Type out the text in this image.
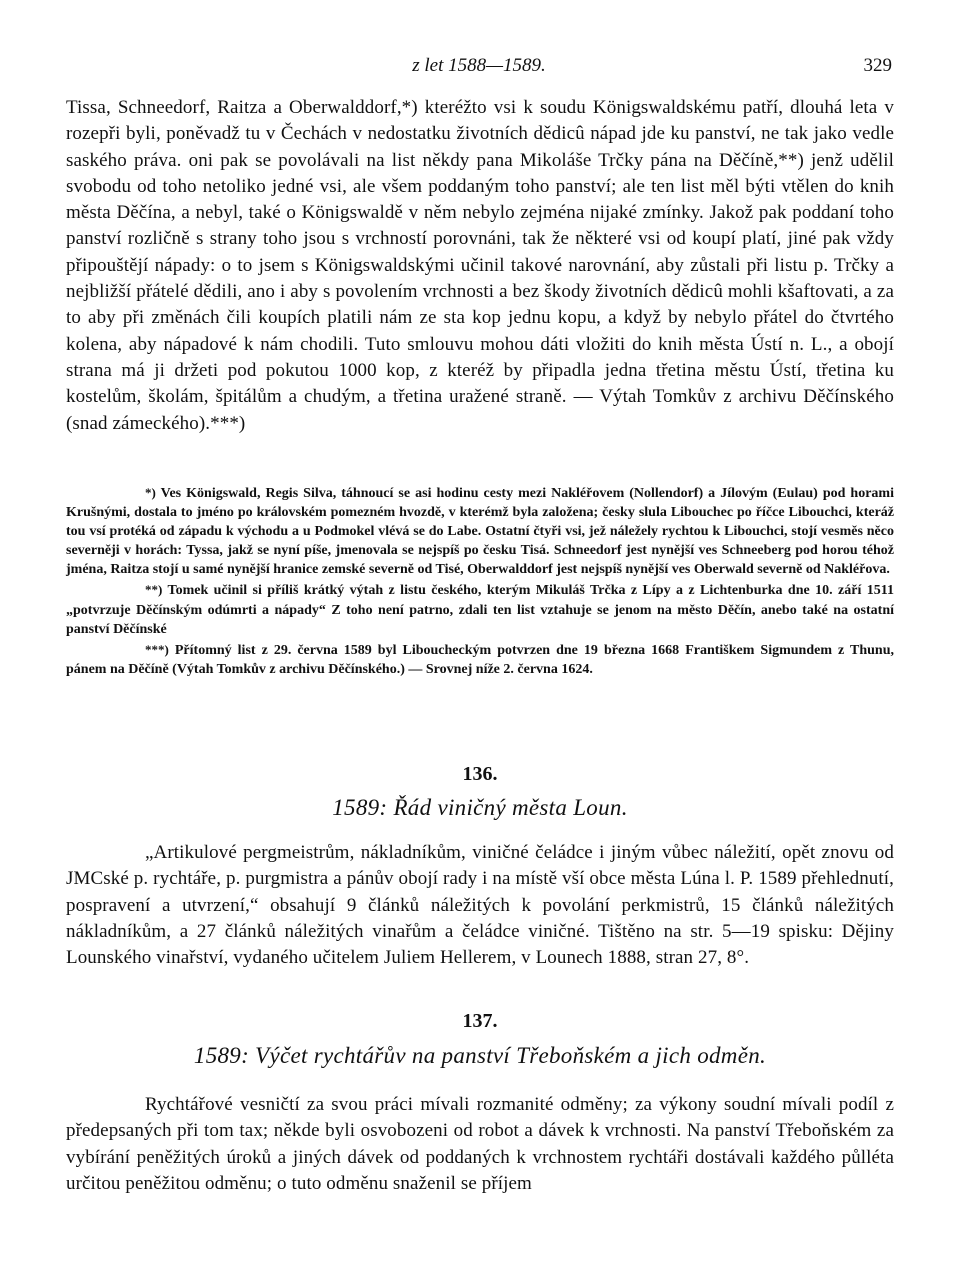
z let 1588—1589.	329

Tissa, Schneedorf, Raitza a Oberwalddorf,*) kteréžto vsi k soudu Königswaldskému patří, dlouhá leta v rozepři byli, poněvadž tu v Čechách v nedostatku životních dědicû nápad jde ku panství, ne tak jako vedle saského práva. oni pak se povolávali na list někdy pana Mikoláše Trčky pána na Děčíně,**) jenž udělil svobodu od toho netoliko jedné vsi, ale všem poddaným toho panství; ale ten list měl býti vtělen do knih města Děčína, a nebyl, také o Königswaldě v něm nebylo zejména nijaké zmínky. Jakož pak poddaní toho panství rozličně s strany toho jsou s vrchností porovnáni, tak že některé vsi od koupí platí, jiné pak vždy připouštějí nápady: o to jsem s Königswaldskými učinil takové narovnání, aby zůstali při listu p. Trčky a nejbližší přátelé dědili, ano i aby s povolením vrchnosti a bez škody životních dědicû mohli kšaftovati, a za to aby při změnách čili koupích platili nám ze sta kop jednu kopu, a když by nebylo přátel do čtvrtého kolena, aby nápadové k nám chodili. Tuto smlouvu mohou dáti vložiti do knih města Ústí n. L., a obojí strana má ji držeti pod pokutou 1000 kop, z kteréž by připadla jedna třetina městu Ústí, třetina ku kostelům, školám, špitálům a chudým, a třetina uražené straně. — Výtah Tomkův z archivu Děčínského (snad zámeckého).***)

*) Ves Königswald, Regis Silva, táhnoucí se asi hodinu cesty mezi Nakléřovem (Nollendorf) a Jílovým (Eulau) pod horami Krušnými, dostala to jméno po královském pomezném hvozdě, v kterémž byla založena; česky slula Libouchec po říčce Libouchci, kteráž tou vsí protéká od západu k východu a u Podmokel vlévá se do Labe. Ostatní čtyři vsi, jež náležely rychtou k Libouchci, stojí vesměs něco severněji v horách: Tyssa, jakž se nyní píše, jmenovala se nejspíš po česku Tisá. Schneedorf jest nynější ves Schneeberg pod horou téhož jména, Raitza stojí u samé nynější hranice zemské severně od Tisé, Oberwalddorf jest nejspíš nynější ves Oberwald severně od Nakléřova.

**) Tomek učinil si příliš krátký výtah z listu českého, kterým Mikuláš Trčka z Lípy a z Lichtenburka dne 10. září 1511 „potvrzuje Děčínským odúmrti a nápady“ Z toho není patrno, zdali ten list vztahuje se jenom na město Děčín, anebo také na ostatní panství Děčínské

***) Přítomný list z 29. června 1589 byl Liboucheckým potvrzen dne 19 března 1668 Františkem Sigmundem z Thunu, pánem na Děčíně (Výtah Tomkův z archivu Děčínského.) — Srovnej níže 2. června 1624.

136.
1589: Řád viničný města Loun.

„Artikulové pergmeistrům, nákladníkům, viničné čeládce i jiným vůbec náležití, opět znovu od JMCské p. rychtáře, p. purgmistra a pánův obojí rady i na místě vší obce města Lúna l. P. 1589 přehlednutí, pospravení a utvrzení,“ obsahují 9 článků náležitých k povolání perkmistrů, 15 článků náležitých nákladníkům, a 27 článků náležitých vinařům a čeládce viničné. Tištěno na str. 5—19 spisku: Dějiny Lounského vinařství, vydaného učitelem Juliem Hellerem, v Lounech 1888, stran 27, 8°.

137.
1589: Výčet rychtářův na panství Třeboňském a jich odměn.

Rychtářové vesničtí za svou práci mívali rozmanité odměny; za výkony soudní mívali podíl z předepsaných při tom tax; někde byli osvobozeni od robot a dávek k vrchnosti. Na panství Třeboňském za vybírání peněžitých úroků a jiných dávek od poddaných k vrchnostem rychtáři dostávali každého půlléta určitou peněžitou odměnu; o tuto odměnu snaženil se příjem
